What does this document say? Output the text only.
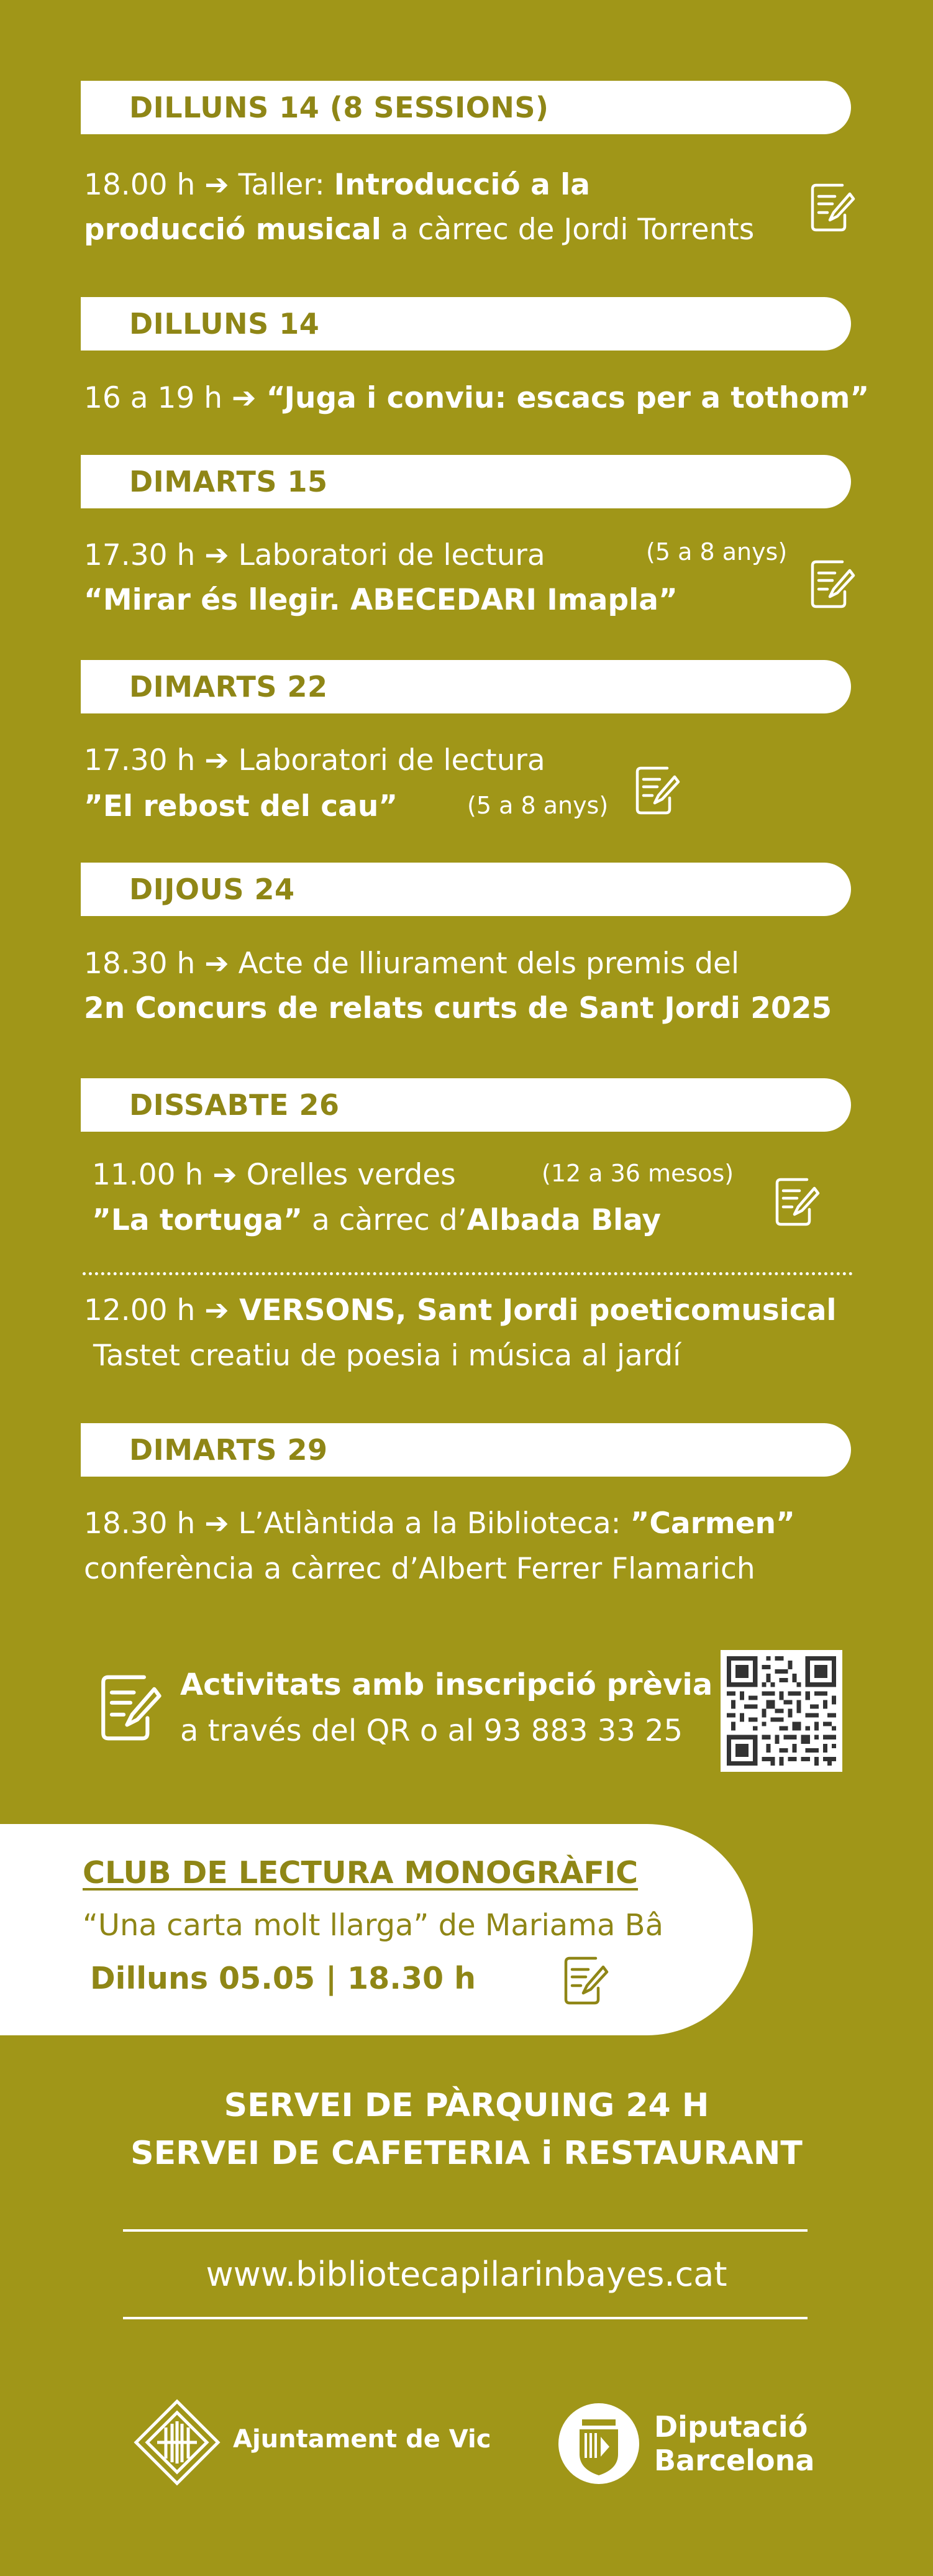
DILLUNS 14 (8 SESSIONS)
DILLUNS 14
DIMARTS 15
DIMARTS 22
DIJOUS 24
DISSABTE 26
DIMARTS 29
18.00 h ➔ Taller: Introducció a la
producció musical a càrrec de Jordi Torrents
16 a 19 h ➔ “Juga i conviu: escacs per a tothom”
17.30 h ➔ Laboratori de lectura	(5 a 8 anys)
“Mirar és llegir. ABECEDARI Imapla”
17.30 h ➔ Laboratori de lectura
”El rebost del cau”	(5 a 8 anys)
18.30 h ➔ Acte de lliurament dels premis del
2n Concurs de relats curts de Sant Jordi 2025
11.00 h ➔ Orelles verdes	(12 a 36 mesos)
”La tortuga” a càrrec d’Albada Blay
12.00 h ➔ VERSONS, Sant Jordi poeticomusical
Tastet creatiu de poesia i música al jardí
18.30 h ➔ L’Atlàntida a la Biblioteca: ”Carmen”
conferència a càrrec d’Albert Ferrer Flamarich
Activitats amb inscripció prèvia
a través del QR o al 93 883 33 25
CLUB DE LECTURA MONOGRÀFIC
“Una carta molt llarga” de Mariama Bâ
Dilluns 05.05 | 18.30 h
SERVEI DE PÀRQUING 24 H
SERVEI DE CAFETERIA i RESTAURANT
www.bibliotecapilarinbayes.cat
Ajuntament de Vic	Diputació
Barcelona
